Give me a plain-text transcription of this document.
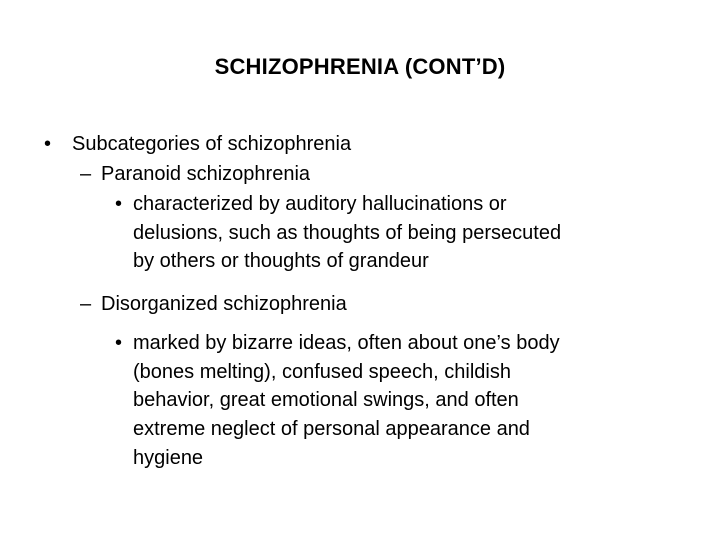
SCHIZOPHRENIA (CONT’D)
• Subcategories of schizophrenia
– Paranoid schizophrenia
• characterized by auditory hallucinations or
delusions, such as thoughts of being persecuted
by others or thoughts of grandeur
– Disorganized schizophrenia
• marked by bizarre ideas, often about one’s body
(bones melting), confused speech, childish
behavior, great emotional swings, and often
extreme neglect of personal appearance and
hygiene
